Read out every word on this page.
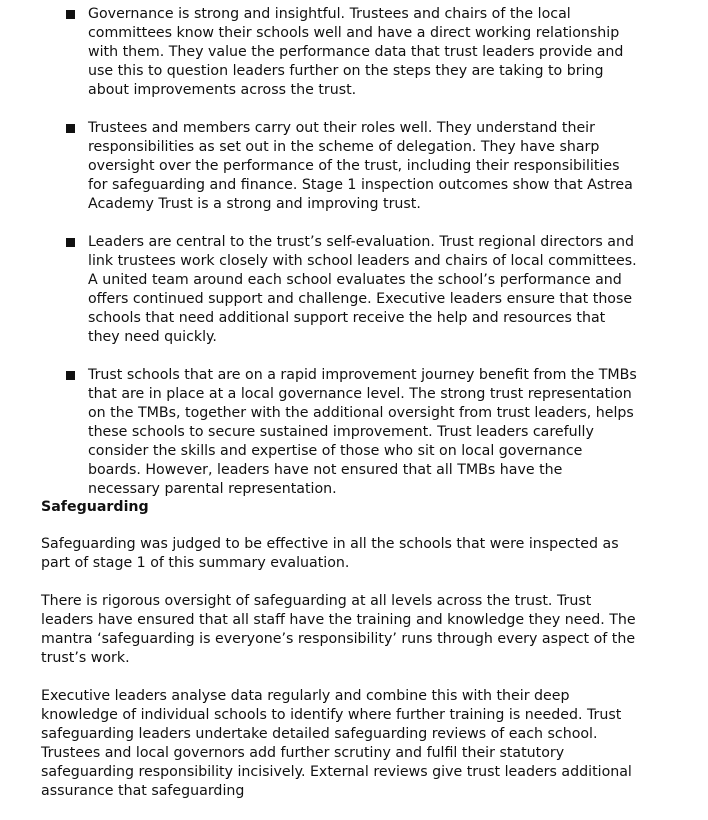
Governance is strong and insightful. Trustees and chairs of the local committees know their schools well and have a direct working relationship with them. They value the performance data that trust leaders provide and use this to question leaders further on the steps they are taking to bring about improvements across the trust.
Trustees and members carry out their roles well. They understand their responsibilities as set out in the scheme of delegation. They have sharp oversight over the performance of the trust, including their responsibilities for safeguarding and finance. Stage 1 inspection outcomes show that Astrea Academy Trust is a strong and improving trust.
Leaders are central to the trust’s self-evaluation. Trust regional directors and link trustees work closely with school leaders and chairs of local committees. A united team around each school evaluates the school’s performance and offers continued support and challenge. Executive leaders ensure that those schools that need additional support receive the help and resources that they need quickly.
Trust schools that are on a rapid improvement journey benefit from the TMBs that are in place at a local governance level. The strong trust representation on the TMBs, together with the additional oversight from trust leaders, helps these schools to secure sustained improvement. Trust leaders carefully consider the skills and expertise of those who sit on local governance boards. However, leaders have not ensured that all TMBs have the necessary parental representation.
Safeguarding

Safeguarding was judged to be effective in all the schools that were inspected as part of stage 1 of this summary evaluation.

There is rigorous oversight of safeguarding at all levels across the trust. Trust leaders have ensured that all staff have the training and knowledge they need. The mantra ‘safeguarding is everyone’s responsibility’ runs through every aspect of the trust’s work.

Executive leaders analyse data regularly and combine this with their deep knowledge of individual schools to identify where further training is needed. Trust safeguarding leaders undertake detailed safeguarding reviews of each school. Trustees and local governors add further scrutiny and fulfil their statutory safeguarding responsibility incisively. External reviews give trust leaders additional assurance that safeguarding
